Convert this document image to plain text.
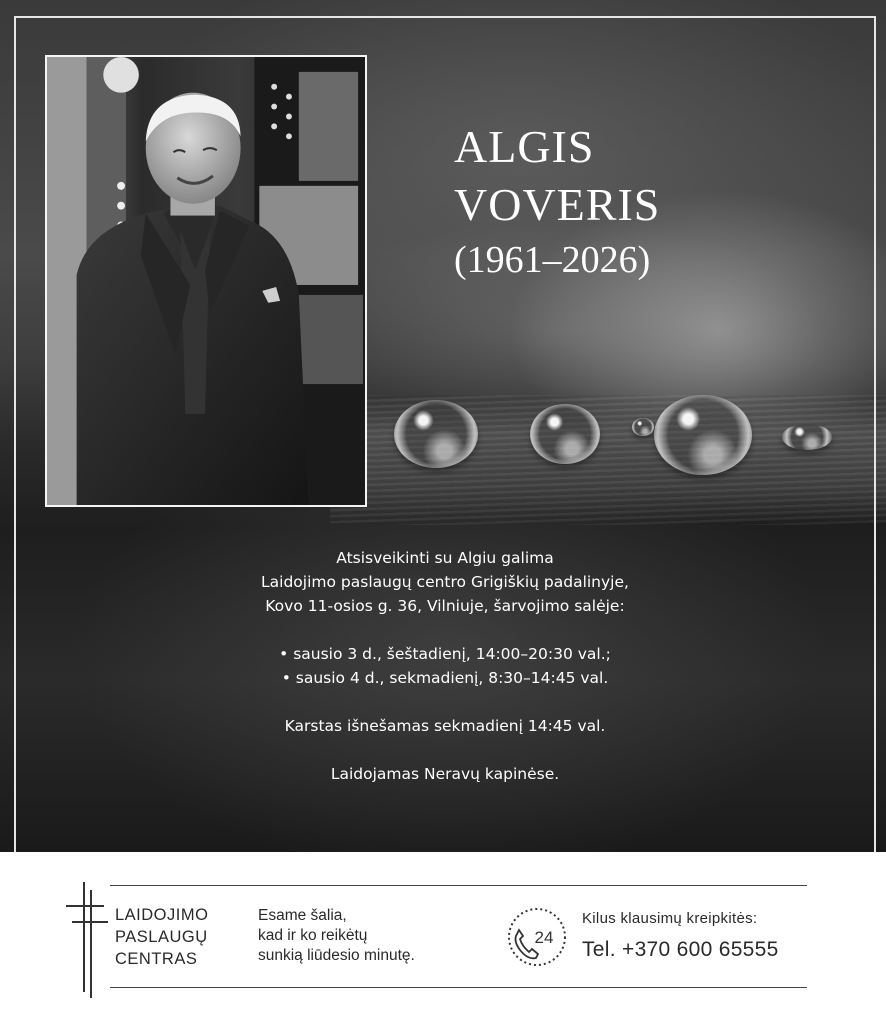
ALGIS
VOVERIS
(1961–2026)

Atsisveikinti su Algiu galima

Laidojimo paslaugų centro Grigiškių padalinyje,

Kovo 11-osios g. 36, Vilniuje, šarvojimo salėje:

• sausio 3 d., šeštadienį, 14:00–20:30 val.;

• sausio 4 d., sekmadienį, 8:30–14:45 val.

Karstas išnešamas sekmadienį 14:45 val.

Laidojamas Neravų kapinėse.

LAIDOJIMO
PASLAUGŲ
CENTRAS
Esame šalia,
kad ir ko reikėtų
sunkią liūdesio minutę.
24
Kilus klausimų kreipkitės:
Tel. +370 600 65555
